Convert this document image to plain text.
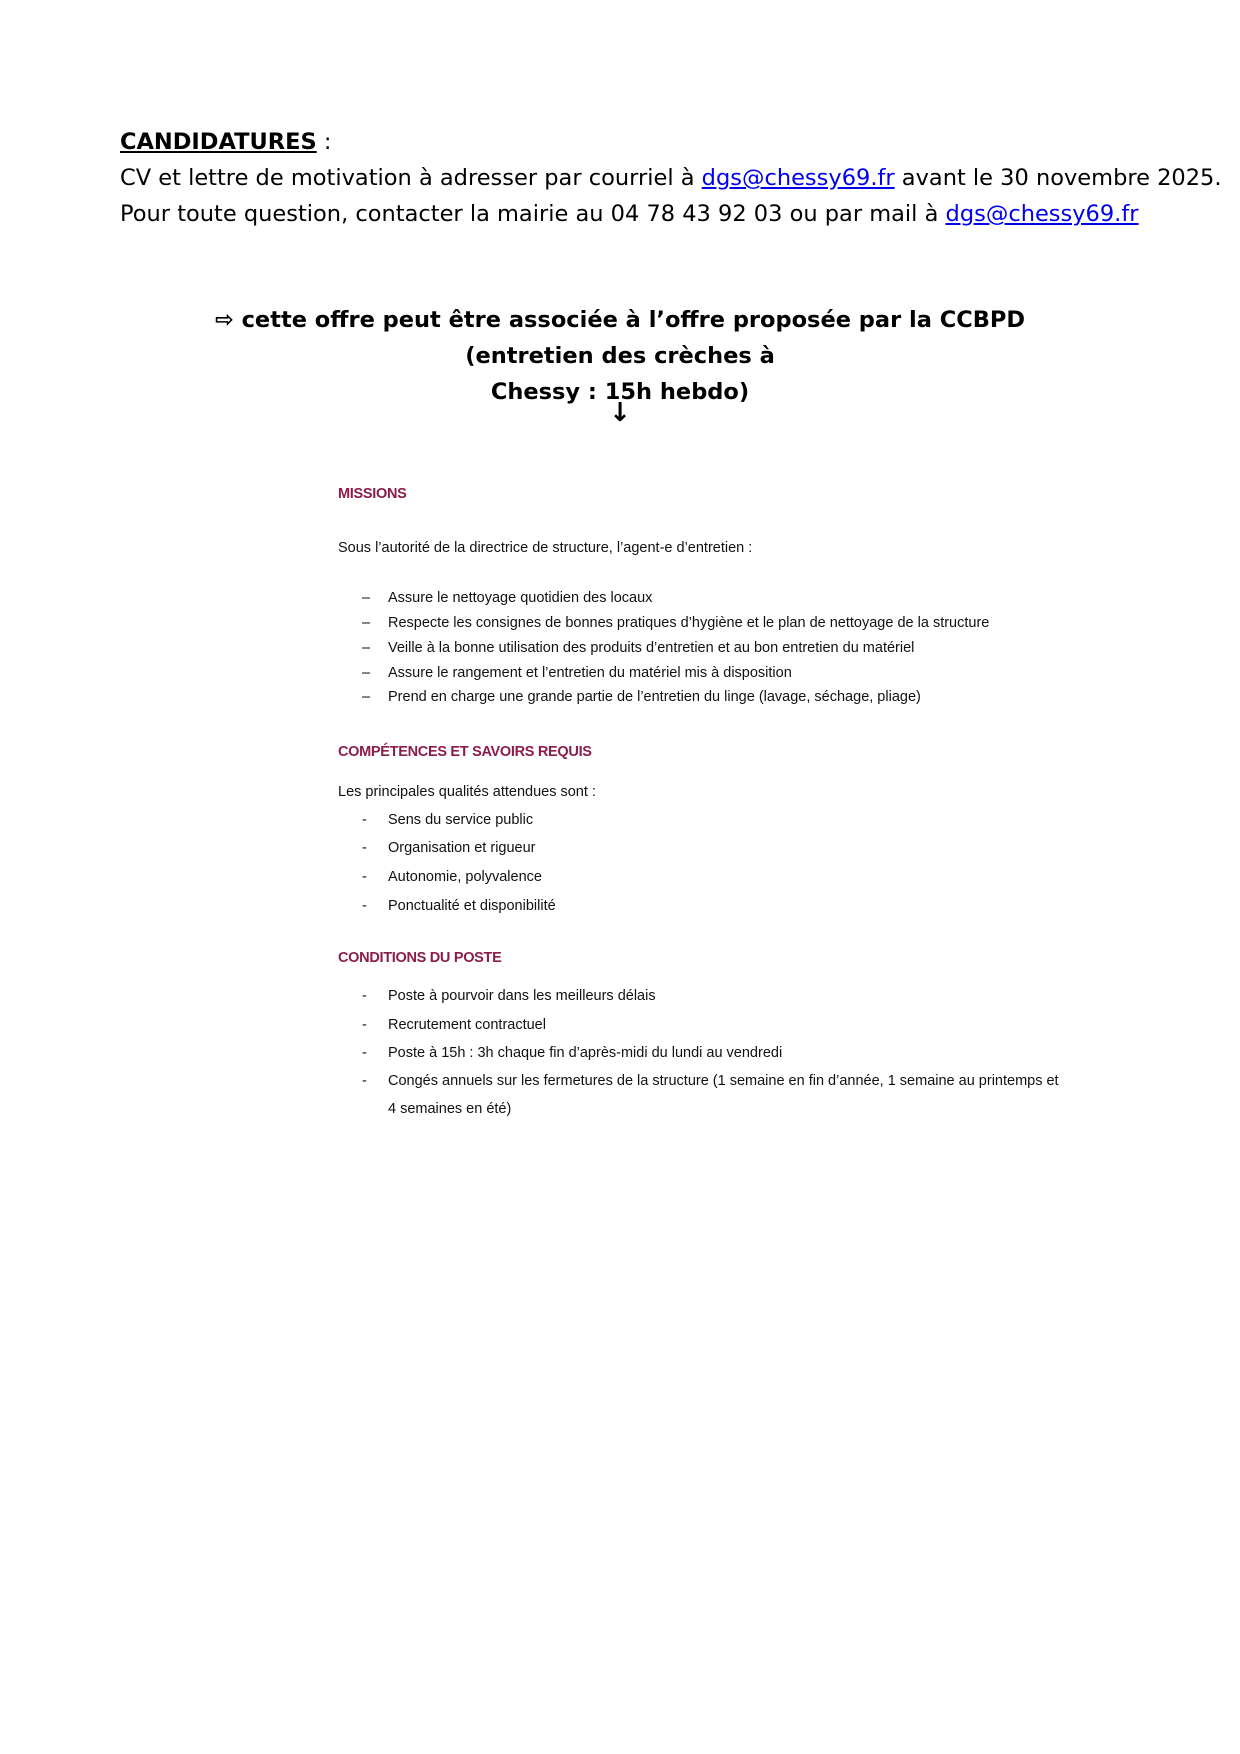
CANDIDATURES :

CV et lettre de motivation à adresser par courriel à dgs@chessy69.fr avant le 30 novembre 2025.

Pour toute question, contacter la mairie au 04 78 43 92 03 ou par mail à dgs@chessy69.fr

⇨ cette offre peut être associée à l’offre proposée par la CCBPD (entretien des crèches à
Chessy : 15h hebdo)
↓
MISSIONS
Sous l’autorité de la directrice de structure, l’agent-e d’entretien :
– Assure le nettoyage quotidien des locaux
– Respecte les consignes de bonnes pratiques d’hygiène et le plan de nettoyage de la structure
– Veille à la bonne utilisation des produits d’entretien et au bon entretien du matériel
– Assure le rangement et l’entretien du matériel mis à disposition
– Prend en charge une grande partie de l’entretien du linge (lavage, séchage, pliage)
COMPÉTENCES ET SAVOIRS REQUIS
Les principales qualités attendues sont :
- Sens du service public
- Organisation et rigueur
- Autonomie, polyvalence
- Ponctualité et disponibilité
CONDITIONS DU POSTE
- Poste à pourvoir dans les meilleurs délais
- Recrutement contractuel
- Poste à 15h : 3h chaque fin d’après-midi du lundi au vendredi
- Congés annuels sur les fermetures de la structure (1 semaine en fin d’année, 1 semaine au printemps et
4 semaines en été)
